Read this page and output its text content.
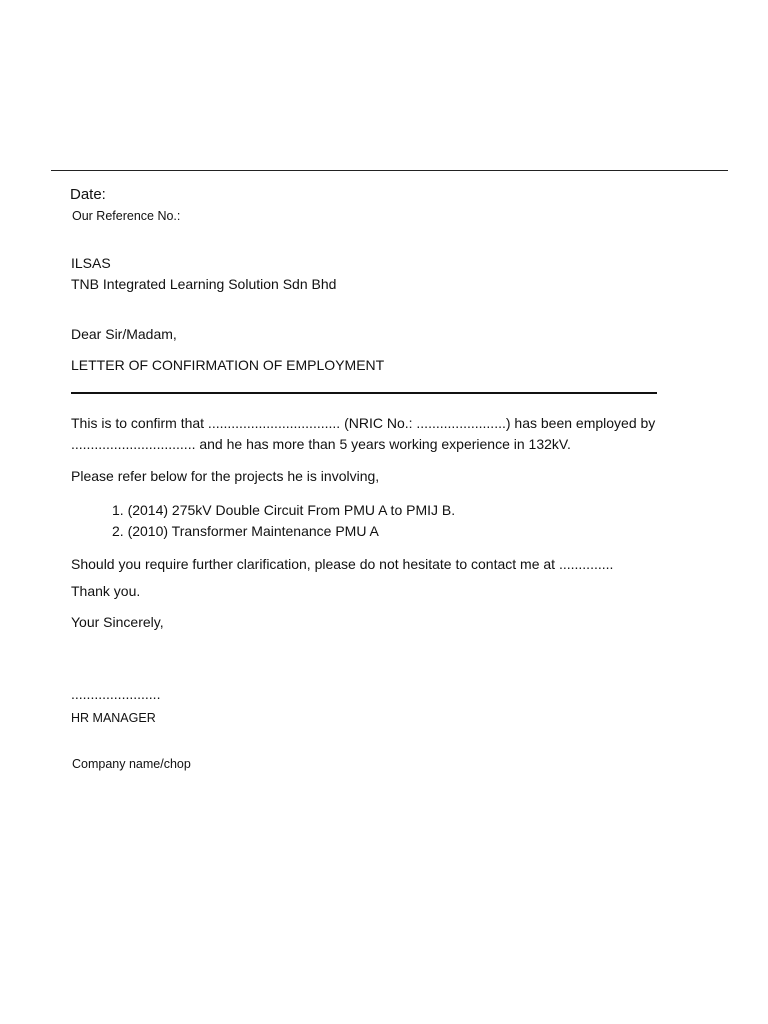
Date:
Our Reference No.:
ILSAS
TNB Integrated Learning Solution Sdn Bhd
Dear Sir/Madam,
LETTER OF CONFIRMATION OF EMPLOYMENT
This is to confirm that .................................. (NRIC No.: .......................) has been employed by
................................ and he has more than 5 years working experience in 132kV.
Please refer below for the projects he is involving,
1. (2014) 275kV Double Circuit From PMU A to PMIJ B.
2. (2010) Transformer Maintenance PMU A
Should you require further clarification, please do not hesitate to contact me at ..............
Thank you.
Your Sincerely,
.......................
HR MANAGER
Company name/chop
